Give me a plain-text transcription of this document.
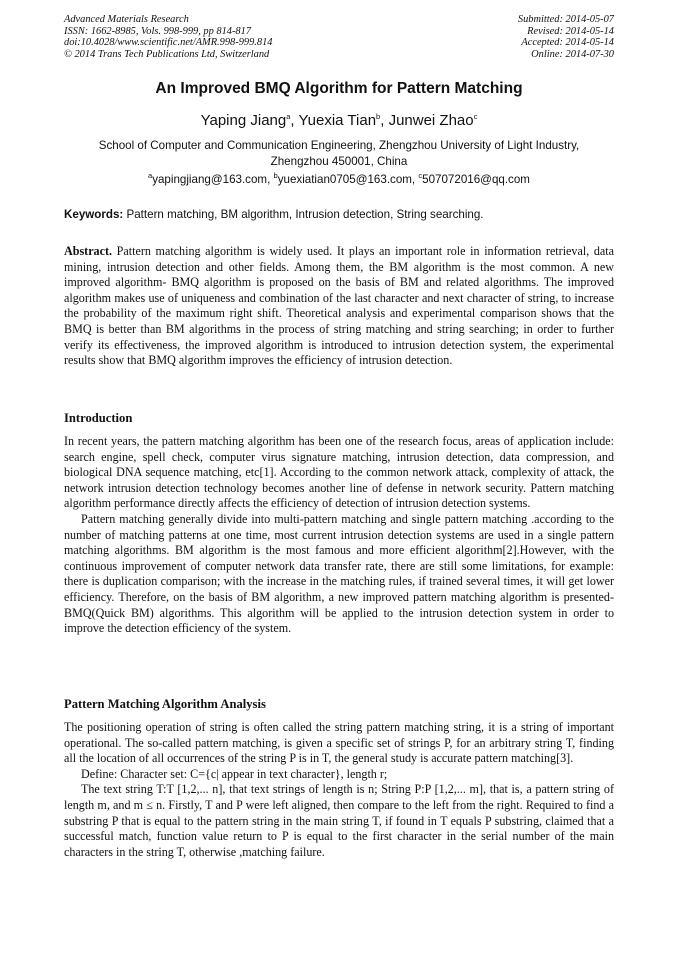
Advanced Materials Research
ISSN: 1662-8985, Vols. 998-999, pp 814-817
doi:10.4028/www.scientific.net/AMR.998-999.814
© 2014 Trans Tech Publications Ltd, Switzerland
Submitted: 2014-05-07
Revised: 2014-05-14
Accepted: 2014-05-14
Online: 2014-07-30
An Improved BMQ Algorithm for Pattern Matching
Yaping Jiang$^a$, Yuexia Tian$^b$, Junwei Zhao$^c$
School of Computer and Communication Engineering, Zhengzhou University of Light Industry,
Zhengzhou 450001, China
$^a$yapingjiang@163.com, $^b$yuexiatian0705@163.com, $^c$507072016@qq.com
Keywords: Pattern matching, BM algorithm, Intrusion detection, String searching.

Abstract. Pattern matching algorithm is widely used. It plays an important role in information retrieval, data mining, intrusion detection and other fields. Among them, the BM algorithm is the most common. A new improved algorithm- BMQ algorithm is proposed on the basis of BM and related algorithms. The improved algorithm makes use of uniqueness and combination of the last character and next character of string, to increase the probability of the maximum right shift. Theoretical analysis and experimental comparison shows that the BMQ is better than BM algorithms in the process of string matching and string searching; in order to further verify its effectiveness, the improved algorithm is introduced to intrusion detection system, the experimental results show that BMQ algorithm improves the efficiency of intrusion detection.

Introduction

In recent years, the pattern matching algorithm has been one of the research focus, areas of application include: search engine, spell check, computer virus signature matching, intrusion detection, data compression, and biological DNA sequence matching, etc[1]. According to the common network attack, complexity of attack, the network intrusion detection technology becomes another line of defense in network security. Pattern matching algorithm performance directly affects the efficiency of detection of intrusion detection systems.

Pattern matching generally divide into multi-pattern matching and single pattern matching .according to the number of matching patterns at one time, most current intrusion detection systems are used in a single pattern matching algorithms. BM algorithm is the most famous and more efficient algorithm[2].However, with the continuous improvement of computer network data transfer rate, there are still some limitations, for example: there is duplication comparison; with the increase in the matching rules, if trained several times, it will get lower efficiency. Therefore, on the basis of BM algorithm, a new improved pattern matching algorithm is presented-BMQ(Quick BM) algorithms. This algorithm will be applied to the intrusion detection system in order to improve the detection efficiency of the system.

Pattern Matching Algorithm Analysis

The positioning operation of string is often called the string pattern matching string, it is a string of important operational. The so-called pattern matching, is given a specific set of strings P, for an arbitrary string T, finding all the location of all occurrences of the string P is in T, the general study is accurate pattern matching[3].

Define: Character set: C={c| appear in text character}, length r;

The text string T:T [1,2,... n], that text strings of length is n; String P:P [1,2,... m], that is, a pattern string of length m, and m ≤ n. Firstly, T and P were left aligned, then compare to the left from the right. Required to find a substring P that is equal to the pattern string in the main string T, if found in T equals P substring, claimed that a successful match, function value return to P is equal to the first character in the serial number of the main characters in the string T, otherwise ,matching failure.
